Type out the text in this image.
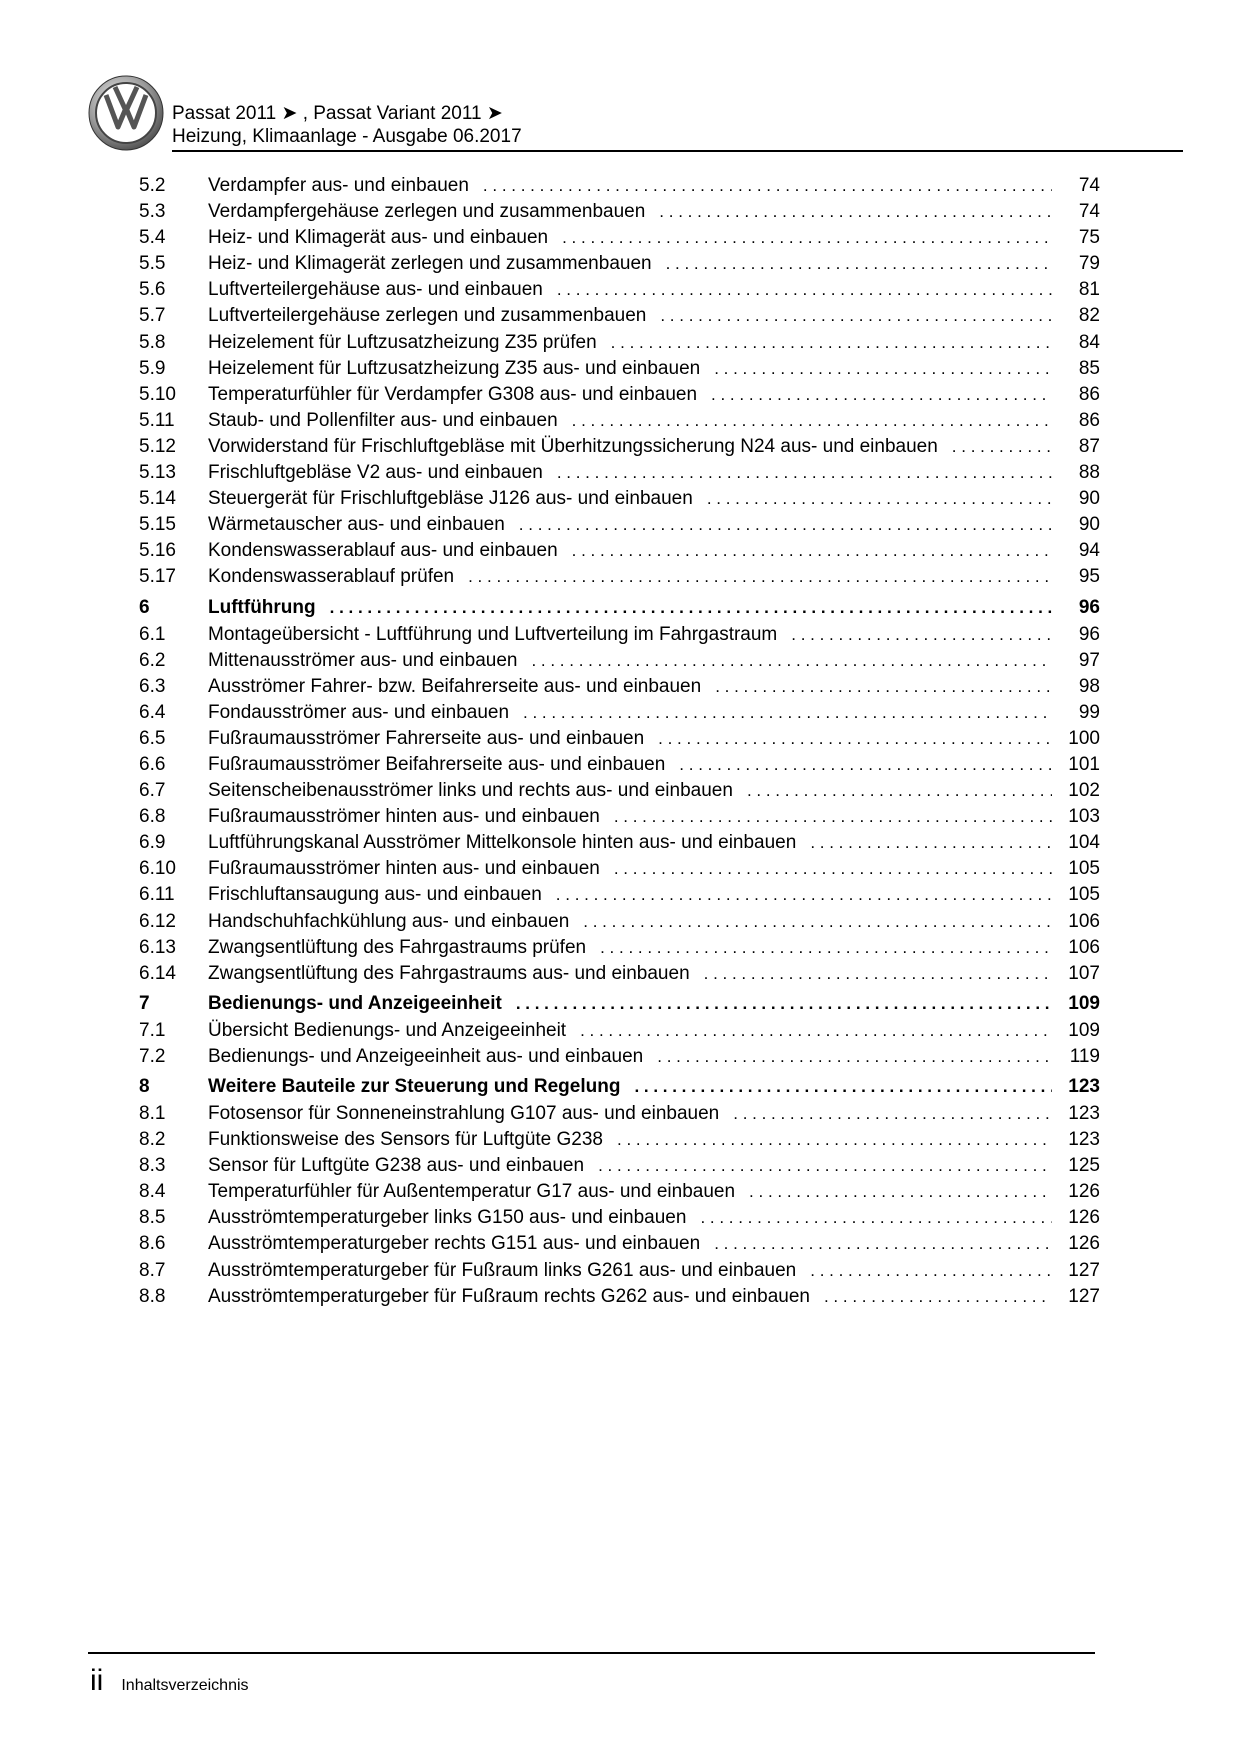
Passat 2011 ➤ , Passat Variant 2011 ➤
Heizung, Klimaanlage - Ausgabe 06.2017
5.2	Verdampfer aus- und einbauen . . .	74
5.3	Verdampfergehäuse zerlegen und zusammenbauen . . .	74
5.4	Heiz- und Klimagerät aus- und einbauen . . .	75
5.5	Heiz- und Klimagerät zerlegen und zusammenbauen . . .	79
5.6	Luftverteilergehäuse aus- und einbauen . . .	81
5.7	Luftverteilergehäuse zerlegen und zusammenbauen . . .	82
5.8	Heizelement für Luftzusatzheizung Z35 prüfen . . .	84
5.9	Heizelement für Luftzusatzheizung Z35 aus- und einbauen . . .	85
5.10	Temperaturfühler für Verdampfer G308 aus- und einbauen . . .	86
5.11	Staub- und Pollenfilter aus- und einbauen . . .	86
5.12	Vorwiderstand für Frischluftgebläse mit Überhitzungssicherung N24 aus- und einbauen . . .	87
5.13	Frischluftgebläse V2 aus- und einbauen . . .	88
5.14	Steuergerät für Frischluftgebläse J126 aus- und einbauen . . .	90
5.15	Wärmetauscher aus- und einbauen . . .	90
5.16	Kondenswasserablauf aus- und einbauen . . .	94
5.17	Kondenswasserablauf prüfen . . .	95
6	Luftführung . . .	96
6.1	Montageübersicht - Luftführung und Luftverteilung im Fahrgastraum . . .	96
6.2	Mittenausströmer aus- und einbauen . . .	97
6.3	Ausströmer Fahrer- bzw. Beifahrerseite aus- und einbauen . . .	98
6.4	Fondausströmer aus- und einbauen . . .	99
6.5	Fußraumausströmer Fahrerseite aus- und einbauen . . .	100
6.6	Fußraumausströmer Beifahrerseite aus- und einbauen . . .	101
6.7	Seitenscheibenausströmer links und rechts aus- und einbauen . . .	102
6.8	Fußraumausströmer hinten aus- und einbauen . . .	103
6.9	Luftführungskanal Ausströmer Mittelkonsole hinten aus- und einbauen . . .	104
6.10	Fußraumausströmer hinten aus- und einbauen . . .	105
6.11	Frischluftansaugung aus- und einbauen . . .	105
6.12	Handschuhfachkühlung aus- und einbauen . . .	106
6.13	Zwangsentlüftung des Fahrgastraums prüfen . . .	106
6.14	Zwangsentlüftung des Fahrgastraums aus- und einbauen . . .	107
7	Bedienungs- und Anzeigeeinheit . . .	109
7.1	Übersicht Bedienungs- und Anzeigeeinheit . . .	109
7.2	Bedienungs- und Anzeigeeinheit aus- und einbauen . . .	119
8	Weitere Bauteile zur Steuerung und Regelung . . .	123
8.1	Fotosensor für Sonneneinstrahlung G107 aus- und einbauen . . .	123
8.2	Funktionsweise des Sensors für Luftgüte G238 . . .	123
8.3	Sensor für Luftgüte G238 aus- und einbauen . . .	125
8.4	Temperaturfühler für Außentemperatur G17 aus- und einbauen . . .	126
8.5	Ausströmtemperaturgeber links G150 aus- und einbauen . . .	126
8.6	Ausströmtemperaturgeber rechts G151 aus- und einbauen . . .	126
8.7	Ausströmtemperaturgeber für Fußraum links G261 aus- und einbauen . . .	127
8.8	Ausströmtemperaturgeber für Fußraum rechts G262 aus- und einbauen . . .	127
ii Inhaltsverzeichnis
